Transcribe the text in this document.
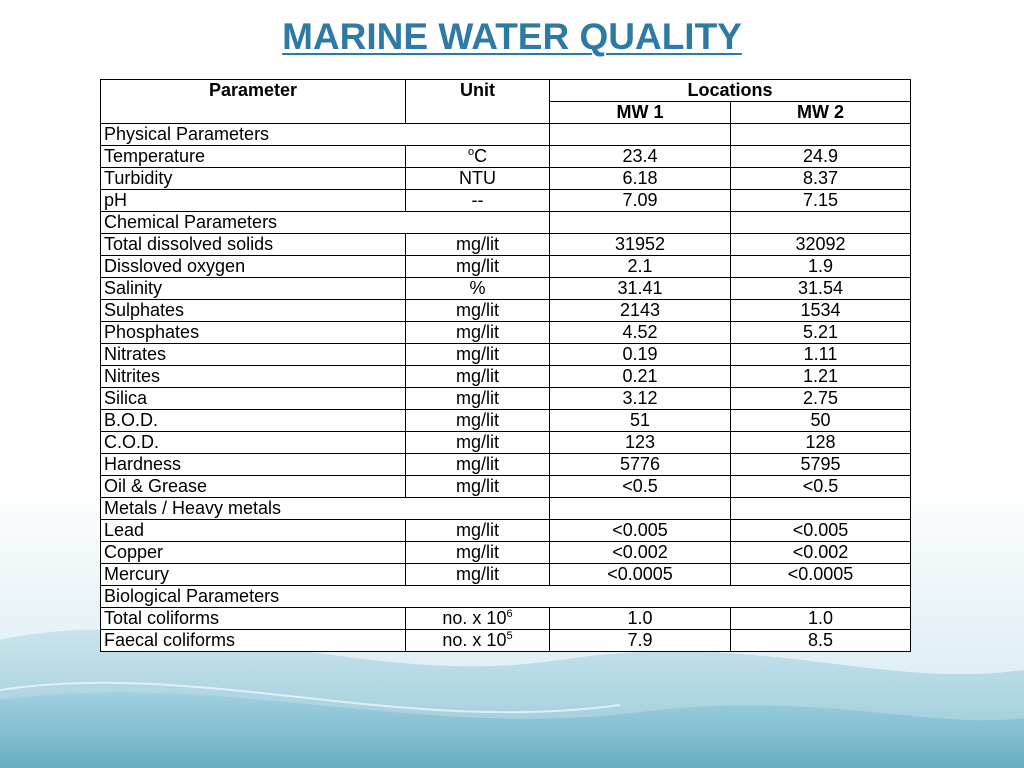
MARINE WATER QUALITY
Parameter	Unit	Locations	
		MW 1	MW 2
Physical Parameters			
Temperature	$^o$C	23.4	24.9
Turbidity	NTU	6.18	8.37
pH	--	7.09	7.15
Chemical Parameters			
Total dissolved solids	mg/lit	31952	32092
Dissloved oxygen	mg/lit	2.1	1.9
Salinity	%	31.41	31.54
Sulphates	mg/lit	2143	1534
Phosphates	mg/lit	4.52	5.21
Nitrates	mg/lit	0.19	1.11
Nitrites	mg/lit	0.21	1.21
Silica	mg/lit	3.12	2.75
B.O.D.	mg/lit	51	50
C.O.D.	mg/lit	123	128
Hardness	mg/lit	5776	5795
Oil & Grease	mg/lit	<0.5	<0.5
Metals / Heavy metals			
Lead	mg/lit	<0.005	<0.005
Copper	mg/lit	<0.002	<0.002
Mercury	mg/lit	<0.0005	<0.0005
Biological Parameters			
Total coliforms	no. x $10^6$	1.0	1.0
Faecal coliforms	no. x $10^5$	7.9	8.5
